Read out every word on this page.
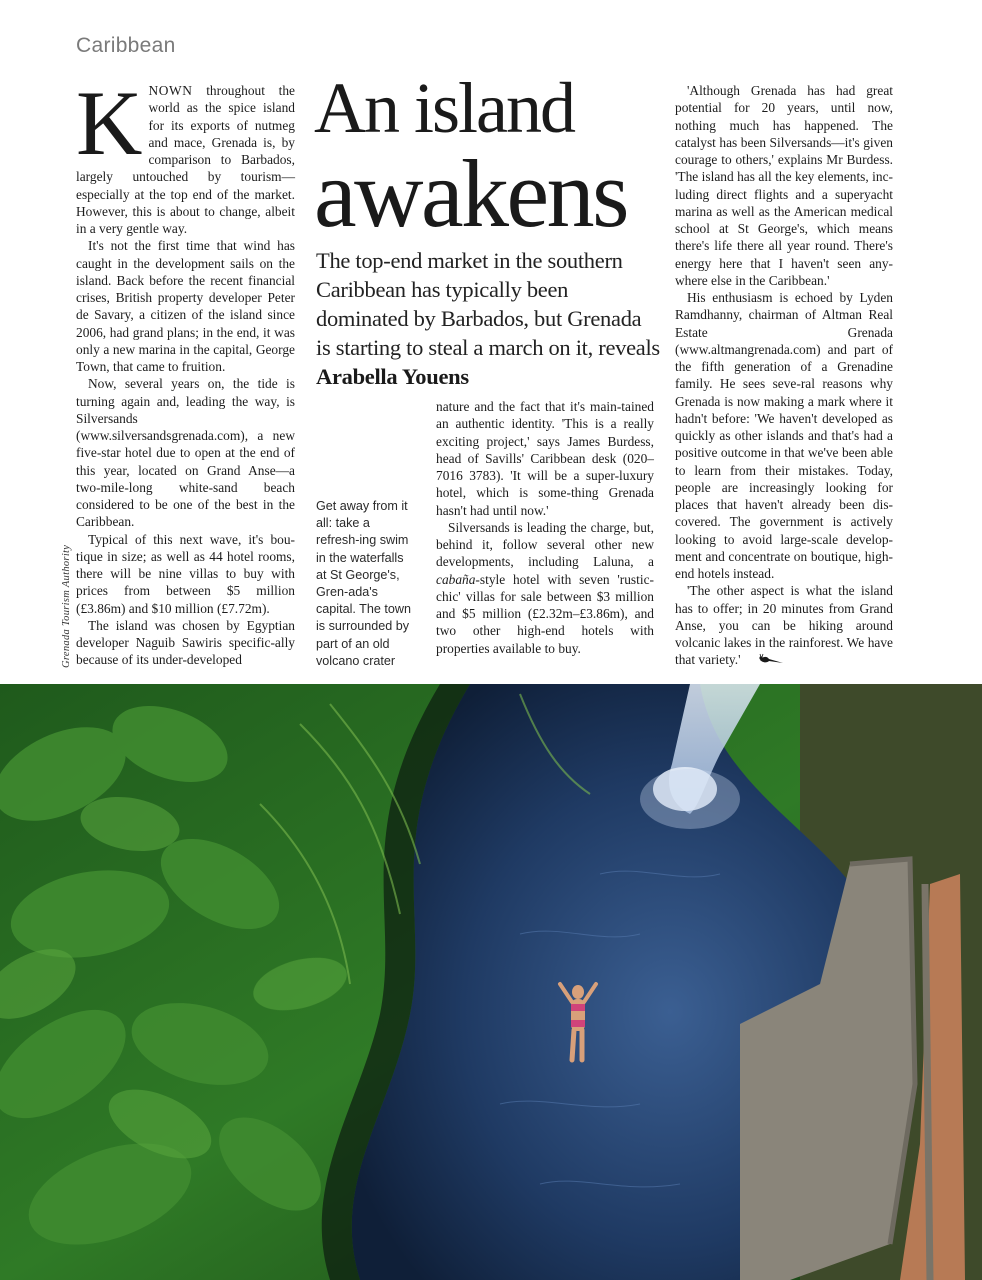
Caribbean

KNOWN throughout the world as the spice island for its exports of nutmeg and mace, Grenada is, by comparison to Barbados, largely untouched by tourism—especially at the top end of the market. However, this is about to change, albeit in a very gentle way.

It's not the first time that wind has caught in the development sails on the island. Back before the recent financial crises, British property developer Peter de Savary, a citizen of the island since 2006, had grand plans; in the end, it was only a new marina in the capital, George Town, that came to fruition.

Now, several years on, the tide is turning again and, leading the way, is Silversands (www.silversandsgrenada.com), a new five-star hotel due to open at the end of this year, located on Grand Anse—a two-mile-long white-sand beach considered to be one of the best in the Caribbean.

Typical of this next wave, it's bou-tique in size; as well as 44 hotel rooms, there will be nine villas to buy with prices from between $5 million (£3.86m) and $10 million (£7.72m).

The island was chosen by Egyptian developer Naguib Sawiris specific-ally because of its under-developed

Grenada Tourism Authority
An island
awakens
The top-end market in the southern Caribbean has typically been dominated by Barbados, but Grenada is starting to steal a march on it, reveals Arabella Youens
Get away from it all: take a refresh-ing swim in the waterfalls at St George's, Gren-ada's capital. The town is surrounded by part of an old volcano crater

nature and the fact that it's main-tained an authentic identity. 'This is a really exciting project,' says James Burdess, head of Savills' Caribbean desk (020–7016 3783). 'It will be a super-luxury hotel, which is some-thing Grenada hasn't had until now.'

Silversands is leading the charge, but, behind it, follow several other new developments, including Laluna, a cabaña-style hotel with seven 'rustic-chic' villas for sale between $3 million and $5 million (£2.32m–£3.86m), and two other high-end hotels with properties available to buy.

'Although Grenada has had great potential for 20 years, until now, nothing much has happened. The catalyst has been Silversands—it's given courage to others,' explains Mr Burdess. 'The island has all the key elements, inc-luding direct flights and a superyacht marina as well as the American medical school at St George's, which means there's life there all year round. There's energy here that I haven't seen any-where else in the Caribbean.'

His enthusiasm is echoed by Lyden Ramdhanny, chairman of Altman Real Estate Grenada (www.altmangrenada.com) and part of the fifth generation of a Grenadine family. He sees seve-ral reasons why Grenada is now making a mark where it hadn't before: 'We haven't developed as quickly as other islands and that's had a positive outcome in that we've been able to learn from their mistakes. Today, people are increasingly looking for places that haven't already been dis-covered. The government is actively looking to avoid large-scale develop-ment and concentrate on boutique, high-end hotels instead.

'The other aspect is what the island has to offer; in 20 minutes from Grand Anse, you can be hiking around volcanic lakes in the rainforest. We have that variety.'
